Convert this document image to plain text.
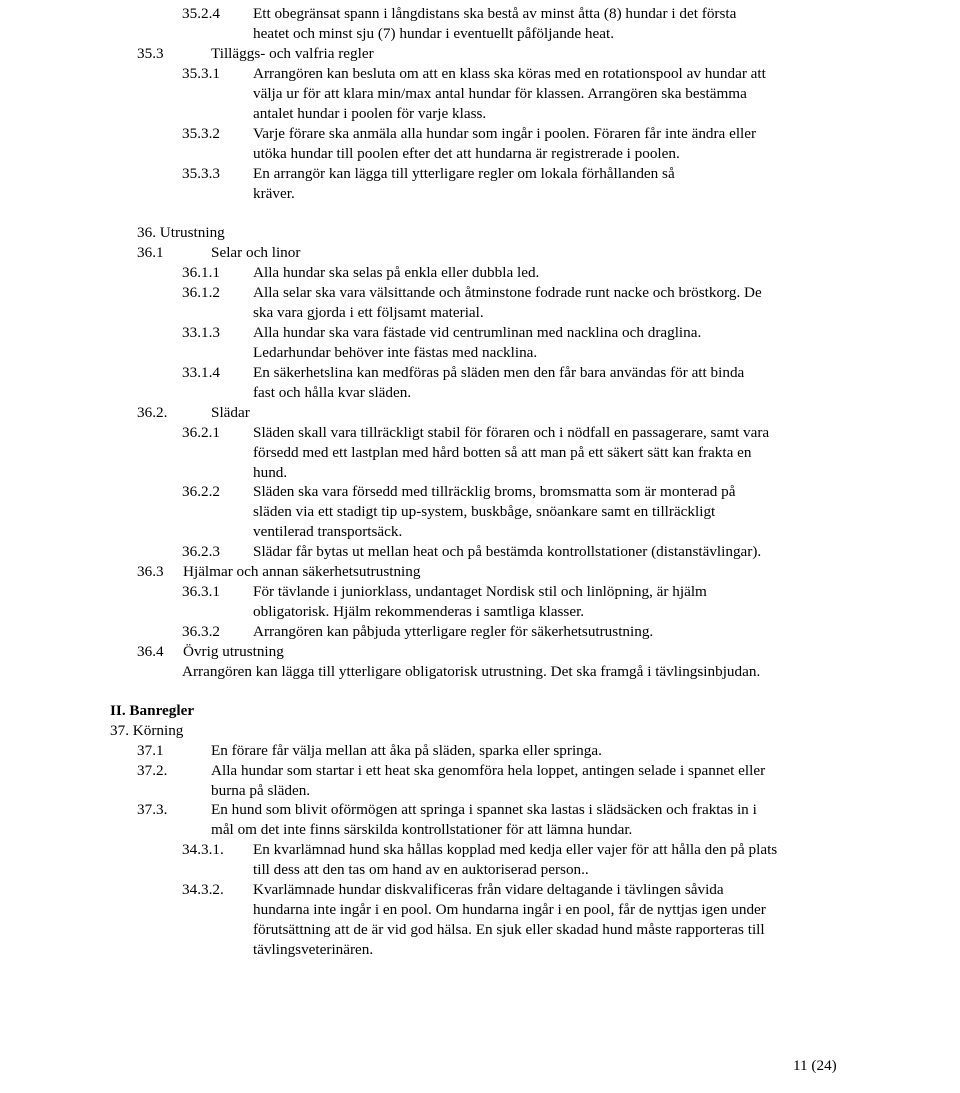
35.2.4 Ett obegränsat spann i långdistans ska bestå av minst åtta (8) hundar i det första
heatet och minst sju (7) hundar i eventuellt påföljande heat.
35.3	Tilläggs- och valfria regler
35.3.1 Arrangören kan besluta om att en klass ska köras med en rotationspool av hundar att
välja ur för att klara min/max antal hundar för klassen. Arrangören ska bestämma
antalet hundar i poolen för varje klass.
35.3.2 Varje förare ska anmäla alla hundar som ingår i poolen. Föraren får inte ändra eller
utöka hundar till poolen efter det att hundarna är registrerade i poolen.
35.3.3 En arrangör kan lägga till ytterligare regler om lokala förhållanden så
kräver.
36. Utrustning
36.1	Selar och linor
36.1.1 Alla hundar ska selas på enkla eller dubbla led.
36.1.2 Alla selar ska vara välsittande och åtminstone fodrade runt nacke och bröstkorg. De
ska vara gjorda i ett följsamt material.
33.1.3 Alla hundar ska vara fästade vid centrumlinan med nacklina och draglina.
Ledarhundar behöver inte fästas med nacklina.
33.1.4 En säkerhetslina kan medföras på släden men den får bara användas för att binda
fast och hålla kvar släden.
36.2.	Slädar
36.2.1 Släden skall vara tillräckligt stabil för föraren och i nödfall en passagerare, samt vara
försedd med ett lastplan med hård botten så att man på ett säkert sätt kan frakta en
hund.
36.2.2 Släden ska vara försedd med tillräcklig broms, bromsmatta som är monterad på
släden via ett stadigt tip up-system, buskbåge, snöankare samt en tillräckligt
ventilerad transportsäck.
36.2.3 Slädar får bytas ut mellan heat och på bestämda kontrollstationer (distanstävlingar).
36.3 Hjälmar och annan säkerhetsutrustning
36.3.1 För tävlande i juniorklass, undantaget Nordisk stil och linlöpning, är hjälm
obligatorisk. Hjälm rekommenderas i samtliga klasser.
36.3.2 Arrangören kan påbjuda ytterligare regler för säkerhetsutrustning.
36.4 Övrig utrustning
Arrangören kan lägga till ytterligare obligatorisk utrustning. Det ska framgå i tävlingsinbjudan.
II. Banregler
37. Körning
37.1	En förare får välja mellan att åka på släden, sparka eller springa.
37.2.	Alla hundar som startar i ett heat ska genomföra hela loppet, antingen selade i spannet eller
burna på släden.
37.3.	En hund som blivit oförmögen att springa i spannet ska lastas i slädsäcken och fraktas in i
mål om det inte finns särskilda kontrollstationer för att lämna hundar.
34.3.1. En kvarlämnad hund ska hållas kopplad med kedja eller vajer för att hålla den på plats
till dess att den tas om hand av en auktoriserad person..
34.3.2. Kvarlämnade hundar diskvalificeras från vidare deltagande i tävlingen såvida
hundarna inte ingår i en pool. Om hundarna ingår i en pool, får de nyttjas igen under
förutsättning att de är vid god hälsa. En sjuk eller skadad hund måste rapporteras till
tävlingsveterinären.
11 (24)
